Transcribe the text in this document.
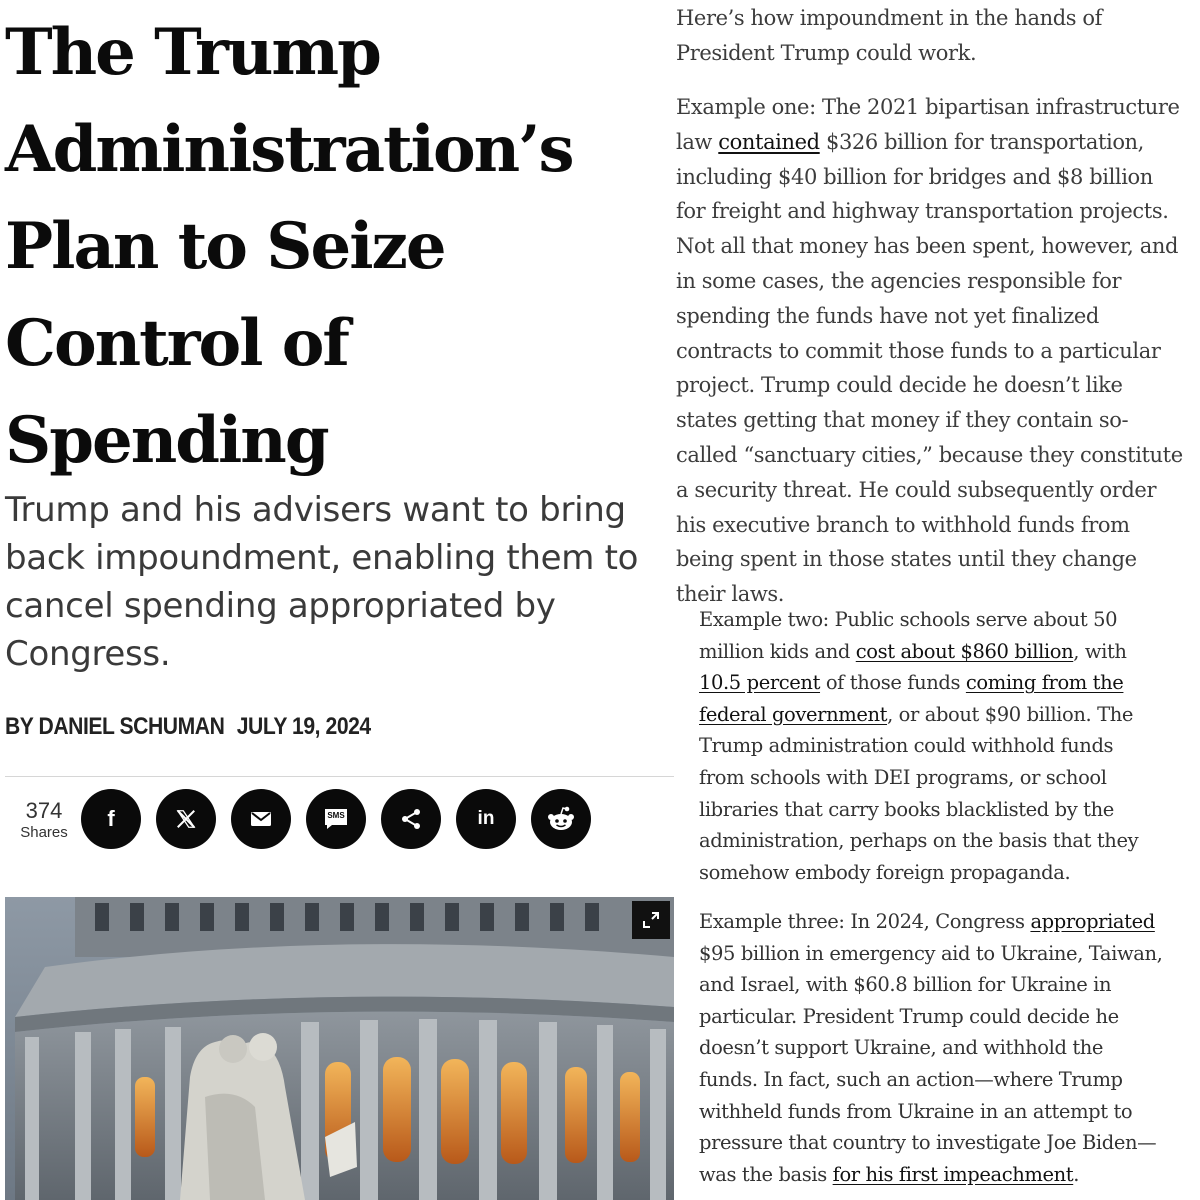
The Trump
Administration’s
Plan to Seize
Control of
Spending
Trump and his advisers want to bring
back impoundment, enabling them to
cancel spending appropriated by
Congress.
BY DANIEL SCHUMAN JULY 19, 2024
374
Shares
f	SMS	in
Here’s how impoundment in the hands of
President Trump could work.
Example one: The 2021 bipartisan infrastructure
law contained $326 billion for transportation,
including $40 billion for bridges and $8 billion
for freight and highway transportation projects.
Not all that money has been spent, however, and
in some cases, the agencies responsible for
spending the funds have not yet finalized
contracts to commit those funds to a particular
project. Trump could decide he doesn’t like
states getting that money if they contain so-
called “sanctuary cities,” because they constitute
a security threat. He could subsequently order
his executive branch to withhold funds from
being spent in those states until they change
their laws.
Example two: Public schools serve about 50
million kids and cost about $860 billion, with
10.5 percent of those funds coming from the
federal government, or about $90 billion. The
Trump administration could withhold funds
from schools with DEI programs, or school
libraries that carry books blacklisted by the
administration, perhaps on the basis that they
somehow embody foreign propaganda.
Example three: In 2024, Congress appropriated
$95 billion in emergency aid to Ukraine, Taiwan,
and Israel, with $60.8 billion for Ukraine in
particular. President Trump could decide he
doesn’t support Ukraine, and withhold the
funds. In fact, such an action—where Trump
withheld funds from Ukraine in an attempt to
pressure that country to investigate Joe Biden—
was the basis for his first impeachment.
